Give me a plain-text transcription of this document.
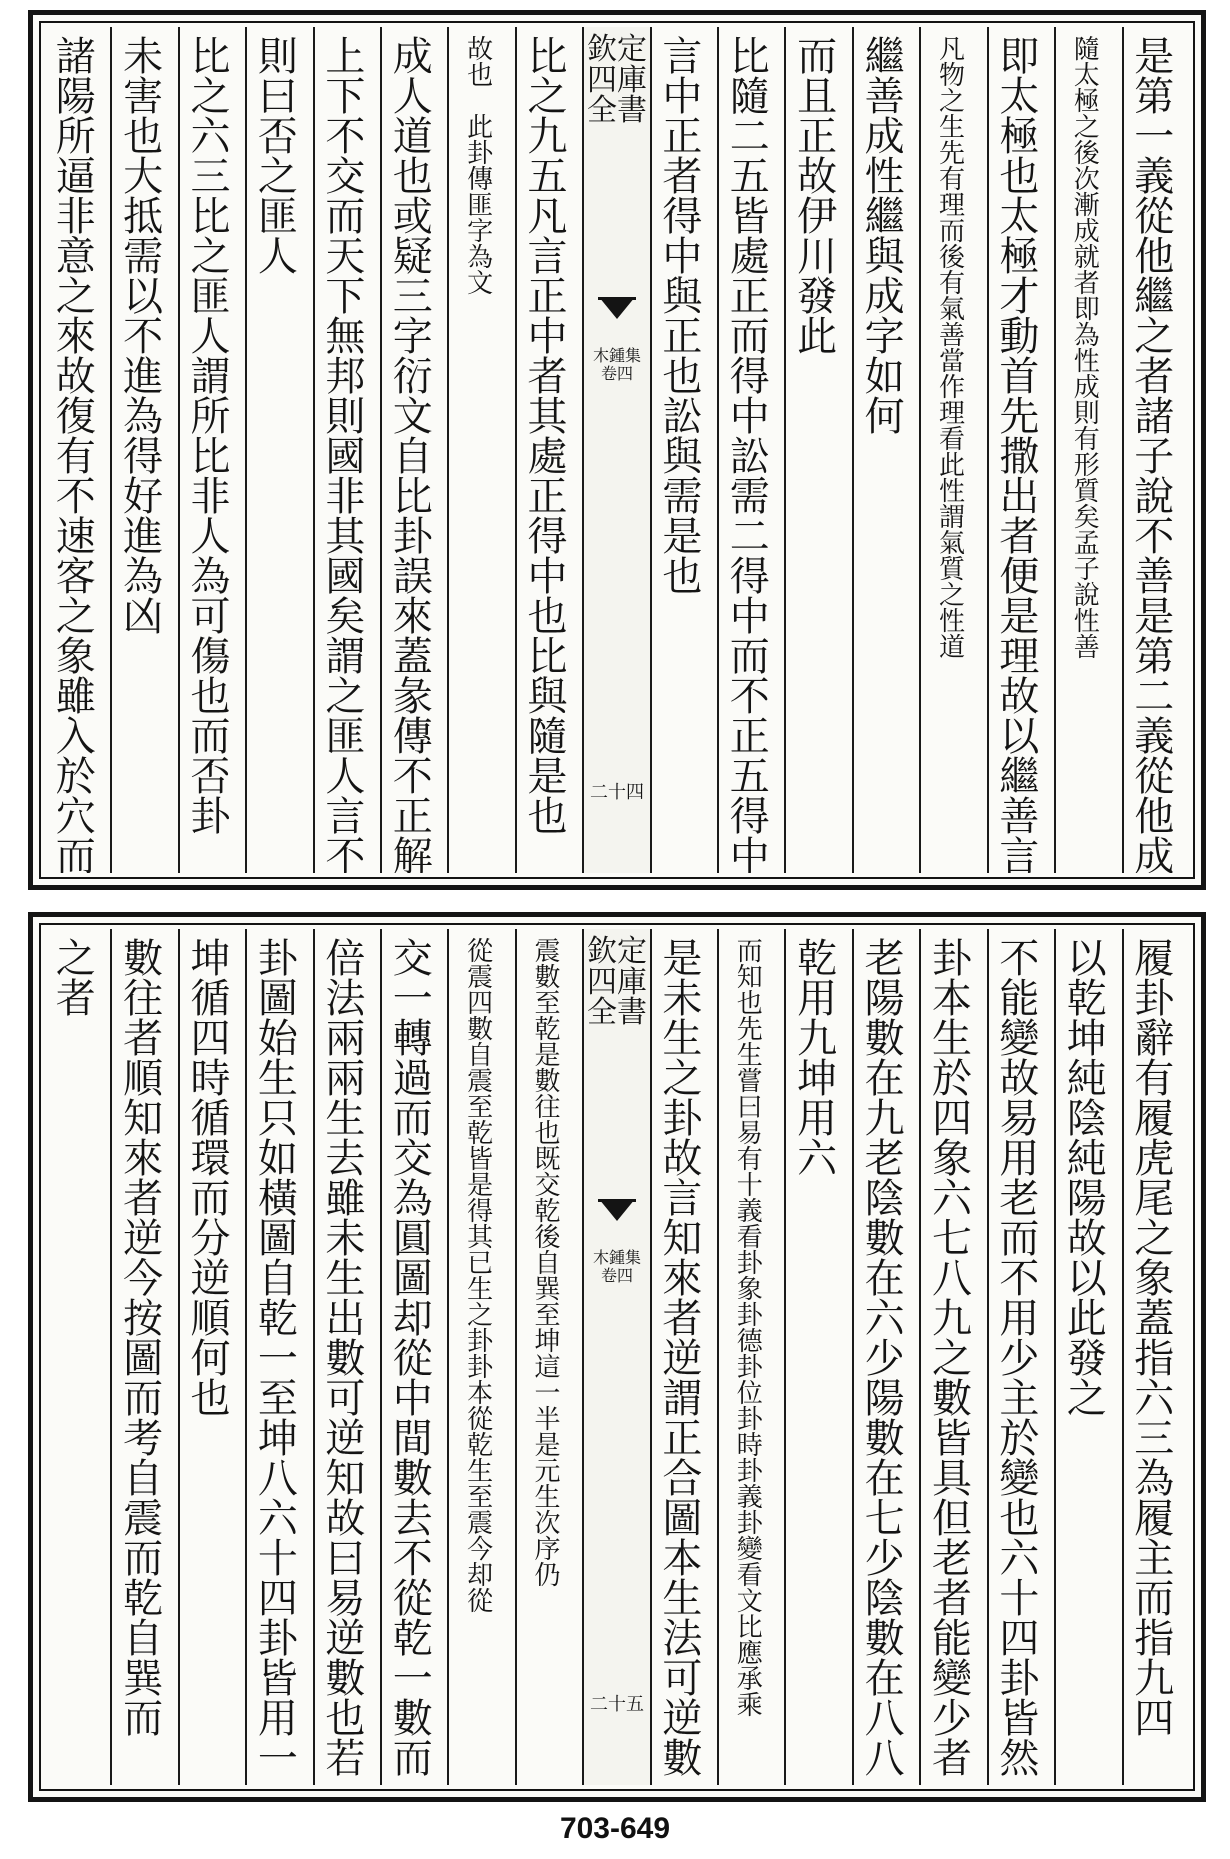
諸陽所逼非意之來故復有不速客之象雖入於穴而
未害也大抵需以不進為得好進為凶
比之六三比之匪人謂所比非人為可傷也而否卦
則曰否之匪人
上下不交而天下無邦則國非其國矣謂之匪人言不
成人道也或疑三字衍文自比卦誤來蓋彖傳不正解
故也此卦傳匪字為文
比之九五凡言正中者其處正得中也比與隨是也
欽定四庫全書
木鍾集 卷四
二十四
言中正者得中與正也訟與需是也
比隨二五皆處正而得中訟需二得中而不正五得中
而且正故伊川發此
繼善成性繼與成字如何
凡物之生先有理而後有氣善當作理看此性謂氣質之性道
即太極也太極才動首先撒出者便是理故以繼善言
隨太極之後次漸成就者即為性成則有形質矣孟子說性善
是第一義從他繼之者諸子說不善是第二義從他成
之者
數往者順知來者逆今按圖而考自震而乾自巽而
坤循四時循環而分逆順何也
卦圖始生只如橫圖自乾一至坤八六十四卦皆用一
倍法兩兩生去雖未生出數可逆知故曰易逆數也若
交一轉過而交為圓圖却從中間數去不從乾一數而
從震四數自震至乾皆是得其已生之卦卦本從乾生至震今却從
震數至乾是數往也既交乾後自巽至坤這一半是元生次序仍
欽定四庫全書
木鍾集 卷四
二十五
是未生之卦故言知來者逆謂正合圖本生法可逆數
而知也先生嘗曰易有十義看卦象卦德卦位卦時卦義卦變看文比應承乘
乾用九坤用六
老陽數在九老陰數在六少陽數在七少陰數在八八
卦本生於四象六七八九之數皆具但老者能變少者
不能變故易用老而不用少主於變也六十四卦皆然
以乾坤純陰純陽故以此發之
履卦辭有履虎尾之象蓋指六三為履主而指九四
703-649
